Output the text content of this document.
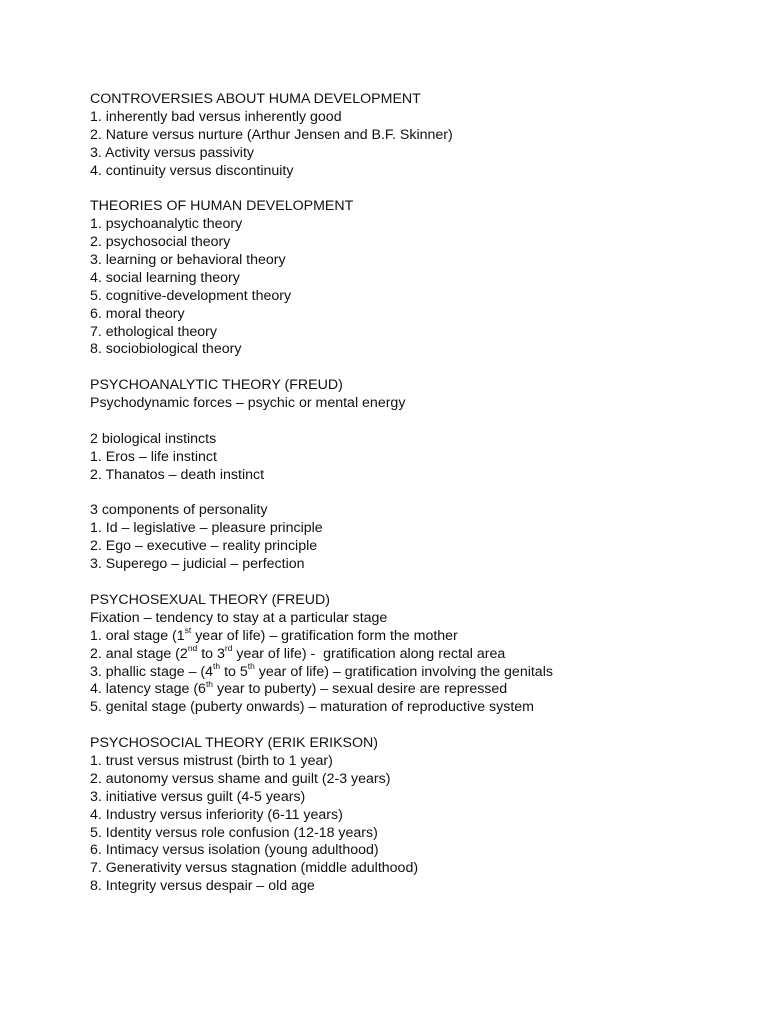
CONTROVERSIES ABOUT HUMA DEVELOPMENT
1. inherently bad versus inherently good
2. Nature versus nurture (Arthur Jensen and B.F. Skinner)
3. Activity versus passivity
4. continuity versus discontinuity
THEORIES OF HUMAN DEVELOPMENT
1. psychoanalytic theory
2. psychosocial theory
3. learning or behavioral theory
4. social learning theory
5. cognitive-development theory
6. moral theory
7. ethological theory
8. sociobiological theory
PSYCHOANALYTIC THEORY (FREUD)
Psychodynamic forces – psychic or mental energy
2 biological instincts
1. Eros – life instinct
2. Thanatos – death instinct
3 components of personality
1. Id – legislative – pleasure principle
2. Ego – executive – reality principle
3. Superego – judicial – perfection
PSYCHOSEXUAL THEORY (FREUD)
Fixation – tendency to stay at a particular stage
1. oral stage (1st year of life) – gratification form the mother
2. anal stage (2nd to 3rd year of life) -  gratification along rectal area
3. phallic stage – (4th to 5th year of life) – gratification involving the genitals
4. latency stage (6th year to puberty) – sexual desire are repressed
5. genital stage (puberty onwards) – maturation of reproductive system
PSYCHOSOCIAL THEORY (ERIK ERIKSON)
1. trust versus mistrust (birth to 1 year)
2. autonomy versus shame and guilt (2-3 years)
3. initiative versus guilt (4-5 years)
4. Industry versus inferiority (6-11 years)
5. Identity versus role confusion (12-18 years)
6. Intimacy versus isolation (young adulthood)
7. Generativity versus stagnation (middle adulthood)
8. Integrity versus despair – old age
